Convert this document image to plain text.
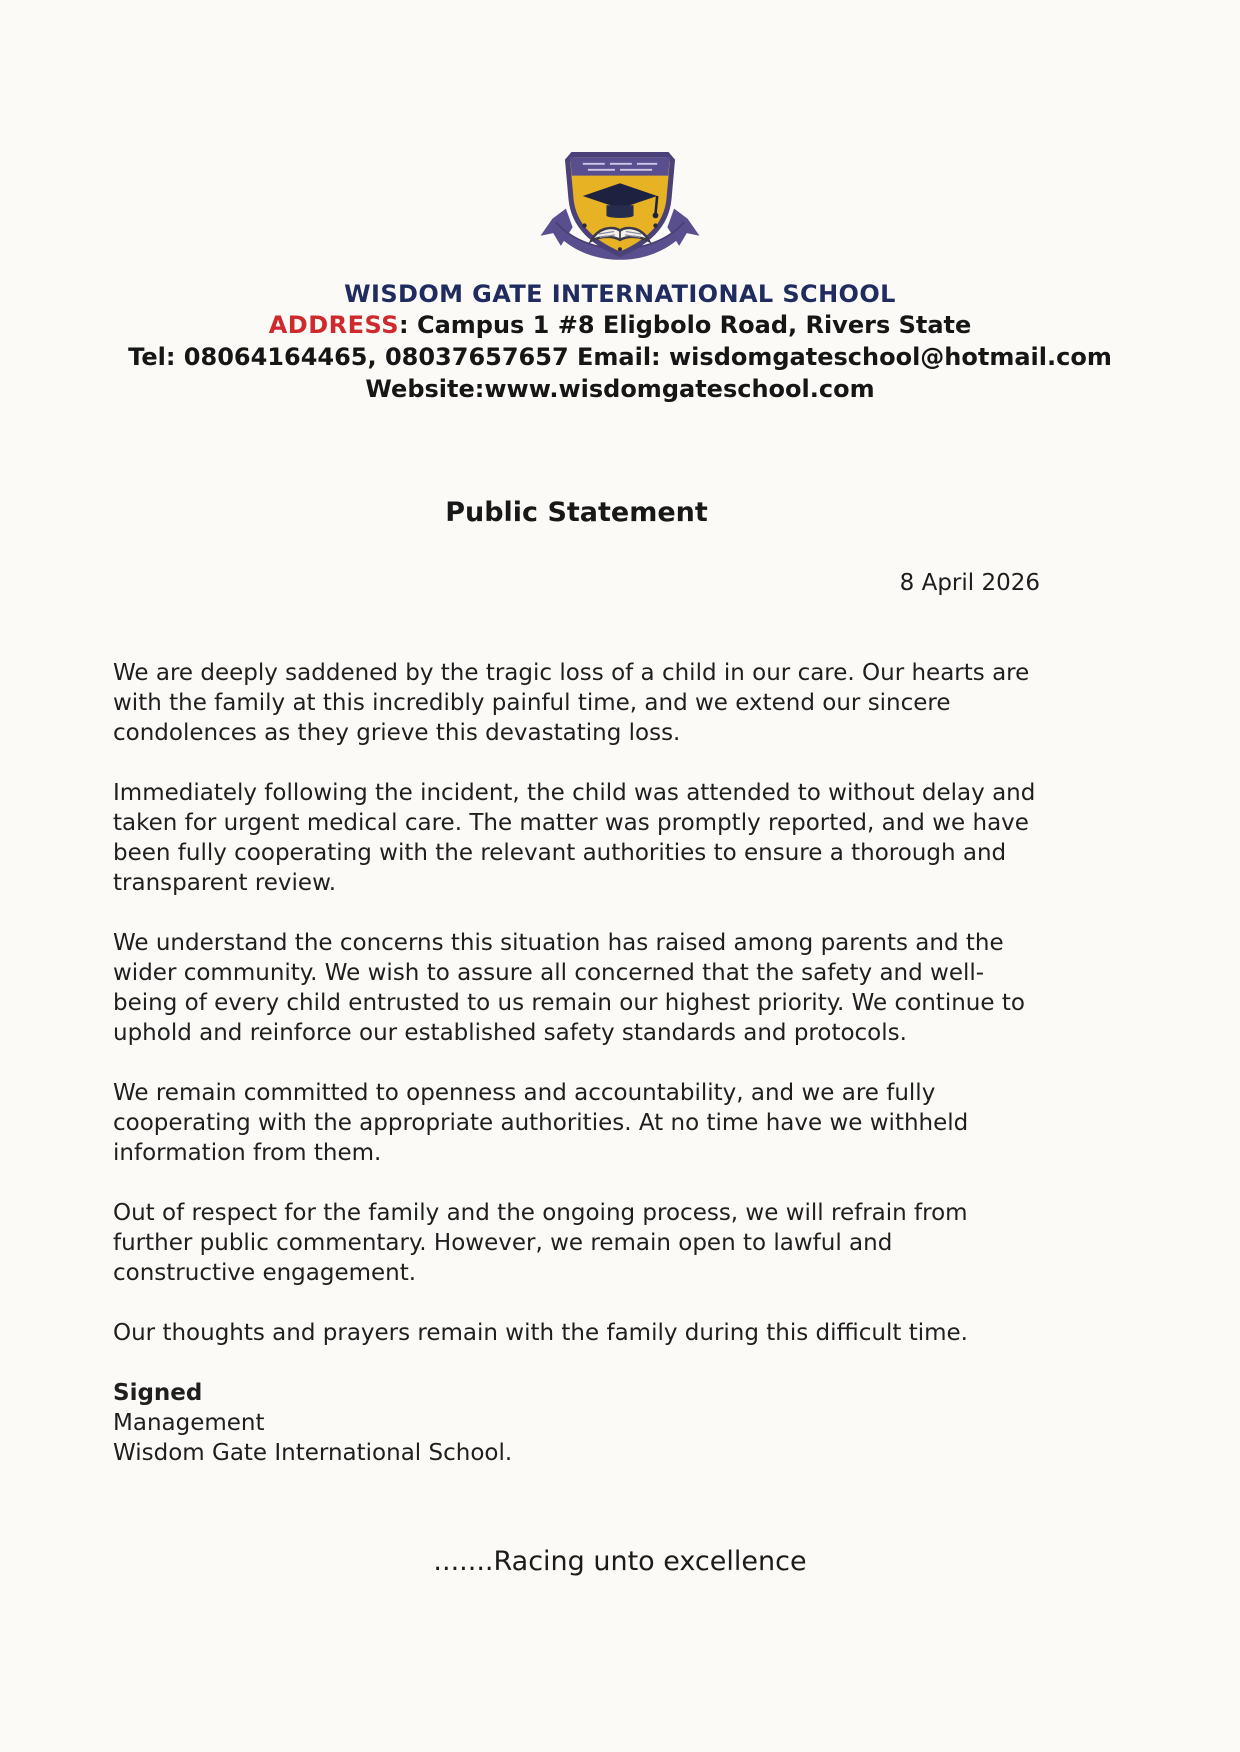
WISDOM GATE INTERNATIONAL SCHOOL
ADDRESS: Campus 1 #8 Eligbolo Road, Rivers State
Tel: 08064164465, 08037657657 Email: wisdomgateschool@hotmail.com
Website:www.wisdomgateschool.com
Public Statement
8 April 2026

We are deeply saddened by the tragic loss of a child in our care. Our hearts are with the family at this incredibly painful time, and we extend our sincere condolences as they grieve this devastating loss.

Immediately following the incident, the child was attended to without delay and taken for urgent medical care. The matter was promptly reported, and we have been fully cooperating with the relevant authorities to ensure a thorough and transparent review.

We understand the concerns this situation has raised among parents and the wider community. We wish to assure all concerned that the safety and well-being of every child entrusted to us remain our highest priority. We continue to uphold and reinforce our established safety standards and protocols.

We remain committed to openness and accountability, and we are fully cooperating with the appropriate authorities. At no time have we withheld information from them.

Out of respect for the family and the ongoing process, we will refrain from further public commentary. However, we remain open to lawful and constructive engagement.

Our thoughts and prayers remain with the family during this difficult time.

Signed
Management
Wisdom Gate International School.
.......Racing unto excellence
